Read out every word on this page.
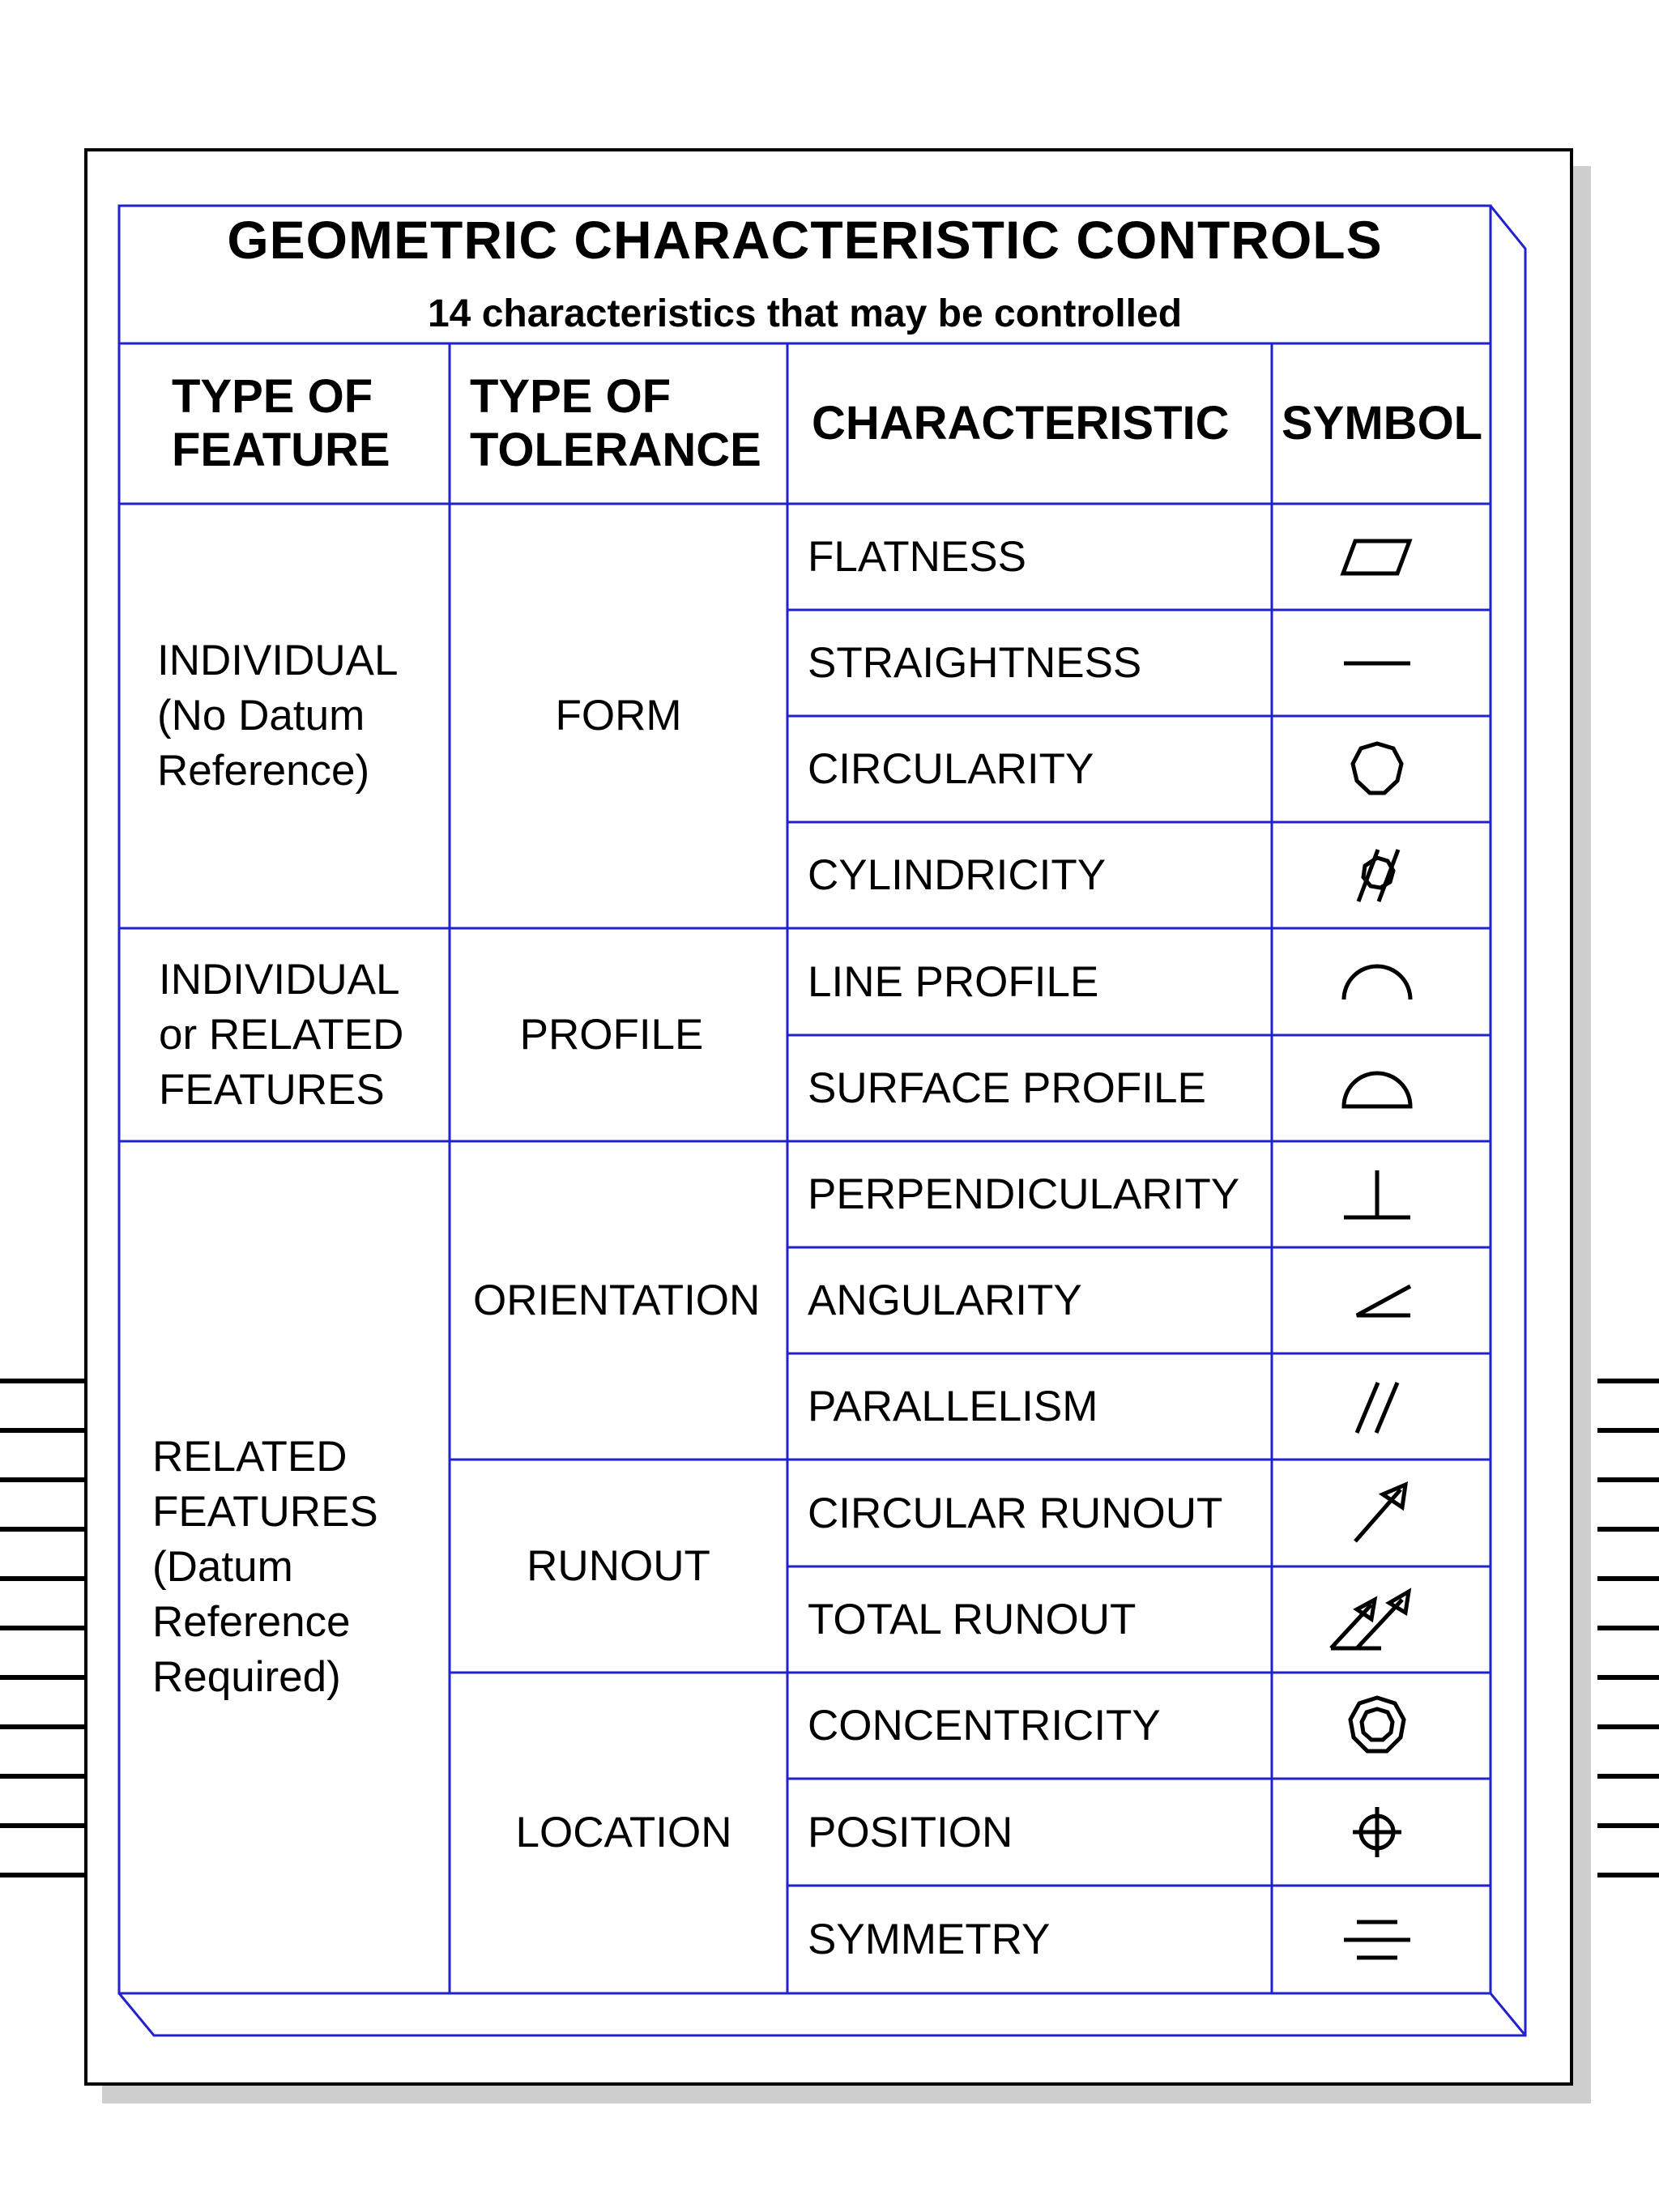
GEOMETRIC CHARACTERISTIC CONTROLS
14 characteristics that may be controlled
TYPE OF FEATURE
TYPE OF TOLERANCE
CHARACTERISTIC	SYMBOL
INDIVIDUAL
(No Datum
Reference)
INDIVIDUAL
or RELATED
FEATURES
RELATED
FEATURES
(Datum
Reference
Required)
FORM
PROFILE
ORIENTATION
RUNOUT
LOCATION
FLATNESS
STRAIGHTNESS
CIRCULARITY
CYLINDRICITY
LINE PROFILE
SURFACE PROFILE
PERPENDICULARITY
ANGULARITY
PARALLELISM
CIRCULAR RUNOUT
TOTAL RUNOUT
CONCENTRICITY
POSITION
SYMMETRY
